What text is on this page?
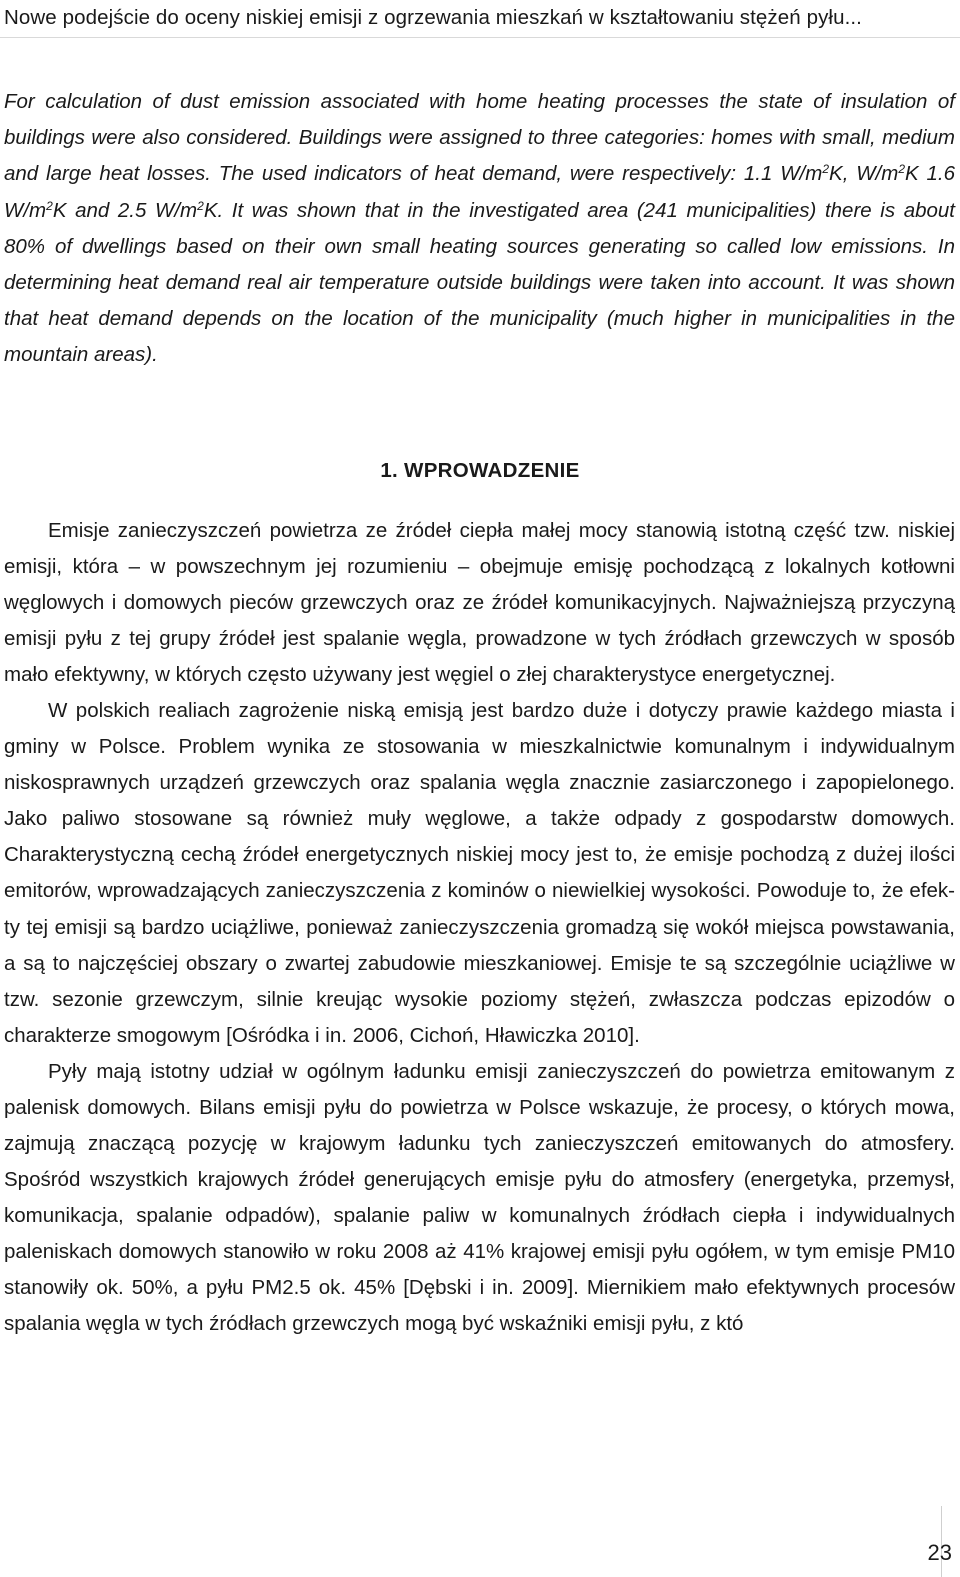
Nowe podejście do oceny niskiej emisji z ogrzewania mieszkań w kształtowaniu stężeń pyłu...

For calculation of dust emission associated with home heating processes the state of insulation of buildings were also considered. Buildings were assigned to three categories: homes with small, medium and large heat losses. The used indicators of heat demand, were respectively: 1.1 $W/m^2K$, $W/m^2K$ 1.6 $W/m^2K$ and 2.5 $W/m^2K$. It was shown that in the investigated area (241 municipalities) there is about 80% of dwellings based on their own small heating sources generating so called low emissions. In determining heat demand real air temperature outside buildings were taken into account. It was shown that heat demand depends on the location of the municipality (much higher in municipalities in the mountain areas).

1. WPROWADZENIE

Emisje zanieczyszczeń powietrza ze źródeł ciepła małej mocy stanowią istotną część tzw. niskiej emisji, która – w powszechnym jej rozumieniu – obejmuje emisję pochodzącą z lokalnych kotłowni węglowych i domowych pieców grzewczych oraz ze źródeł komunikacyjnych. Najważniejszą przyczyną emisji pyłu z tej grupy źródeł jest spalanie węgla, prowadzone w tych źródłach grzewczych w sposób mało efektywny, w których często używany jest węgiel o złej charakterystyce energetycznej.

W polskich realiach zagrożenie niską emisją jest bardzo duże i dotyczy prawie każdego miasta i gminy w Polsce. Problem wynika ze stosowania w mieszkalnictwie komunalnym i indywidualnym niskosprawnych urządzeń grzewczych oraz spalania węgla znacznie zasiarczonego i zapopielonego. Jako paliwo stosowane są również muły węglowe, a także odpady z gospodarstw domowych. Charakterystyczną cechą źródeł energetycznych niskiej mocy jest to, że emisje pochodzą z dużej ilości emitorów, wprowadzających zanieczyszczenia z kominów o niewielkiej wysokości. Powoduje to, że efekty tej emisji są bardzo uciążliwe, ponieważ zanieczyszczenia gromadzą się wokół miejsca powstawania, a są to najczęściej obszary o zwartej zabudowie mieszkaniowej. Emisje te są szczególnie uciążliwe w tzw. sezonie grzewczym, silnie kreując wysokie poziomy stężeń, zwłaszcza podczas epizodów o charakterze smogowym [Ośródka i in. 2006, Cichoń, Hławiczka 2010].

Pyły mają istotny udział w ogólnym ładunku emisji zanieczyszczeń do powietrza emitowanym z palenisk domowych. Bilans emisji pyłu do powietrza w Polsce wskazuje, że procesy, o których mowa, zajmują znaczącą pozycję w krajowym ładunku tych zanieczyszczeń emitowanych do atmosfery. Spośród wszystkich krajowych źródeł generujących emisje pyłu do atmosfery (energetyka, przemysł, komunikacja, spalanie odpadów), spalanie paliw w komunalnych źródłach ciepła i indywidualnych paleniskach domowych stanowiło w roku 2008 aż 41% krajowej emisji pyłu ogółem, w tym emisje PM10 stanowiły ok. 50%, a pyłu PM2.5 ok. 45% [Dębski i in. 2009]. Miernikiem mało efektywnych procesów spalania węgla w tych źródłach grzewczych mogą być wskaźniki emisji pyłu, z któ

23
